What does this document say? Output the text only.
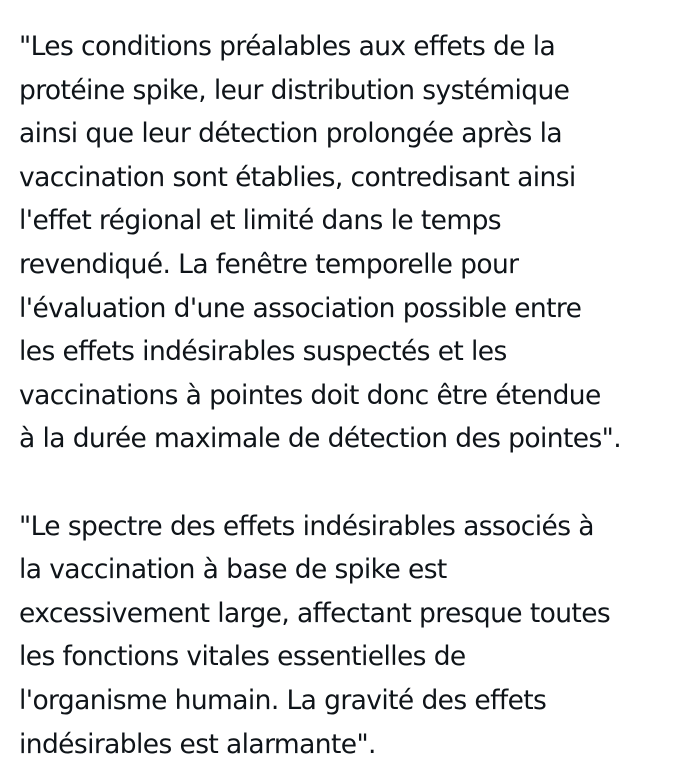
"Les conditions préalables aux effets de la
protéine spike, leur distribution systémique
ainsi que leur détection prolongée après la
vaccination sont établies, contredisant ainsi
l'effet régional et limité dans le temps
revendiqué. La fenêtre temporelle pour
l'évaluation d'une association possible entre
les effets indésirables suspectés et les
vaccinations à pointes doit donc être étendue
à la durée maximale de détection des pointes".

"Le spectre des effets indésirables associés à
la vaccination à base de spike est
excessivement large, affectant presque toutes
les fonctions vitales essentielles de
l'organisme humain. La gravité des effets
indésirables est alarmante".
